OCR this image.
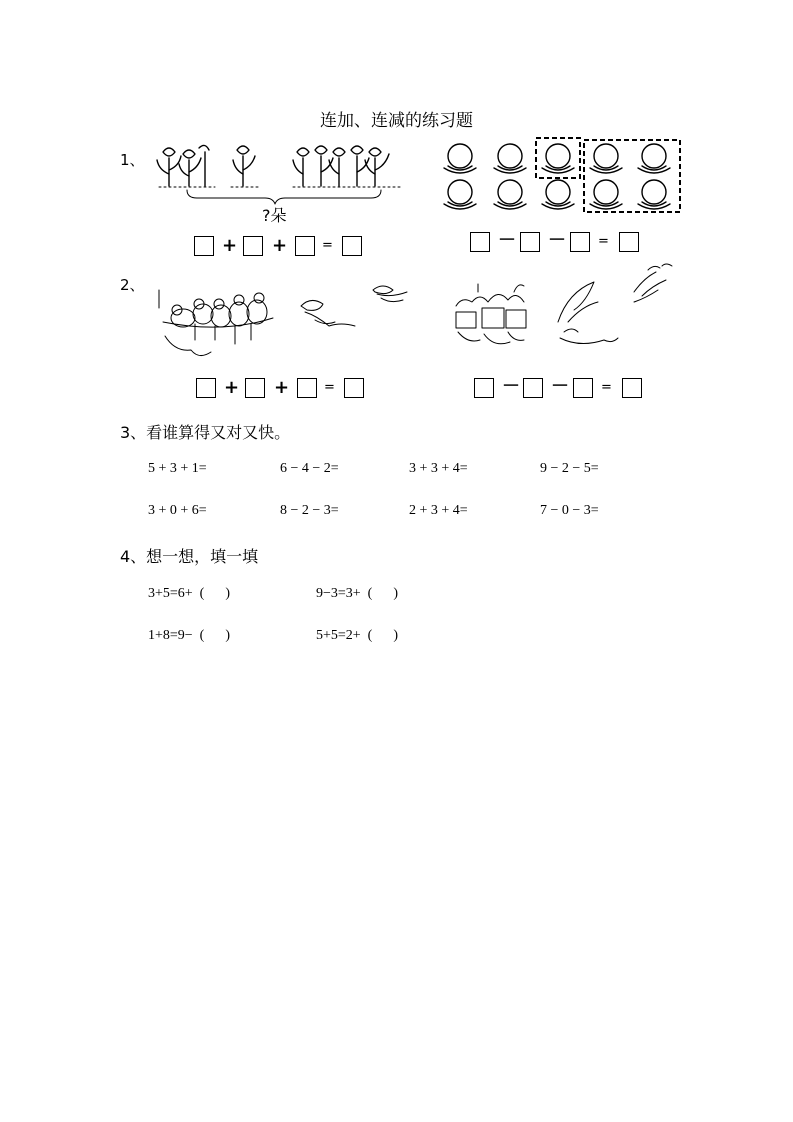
连加、连减的练习题
1、
?朵
+ +	=	－ － =
2、
+ +	=	－ － =
3、看谁算得又对又快。
5 + 3 + 1=	6 − 4 − 2=	3 + 3 + 4=	9 − 2 − 5=
3 + 0 + 6=	8 − 2 − 3=	2 + 3 + 4=	7 − 0 − 3=
4、想一想，填一填
3+5=6+  (      )	9−3=3+  (      )
1+8=9−  (      )	5+5=2+  (      )
